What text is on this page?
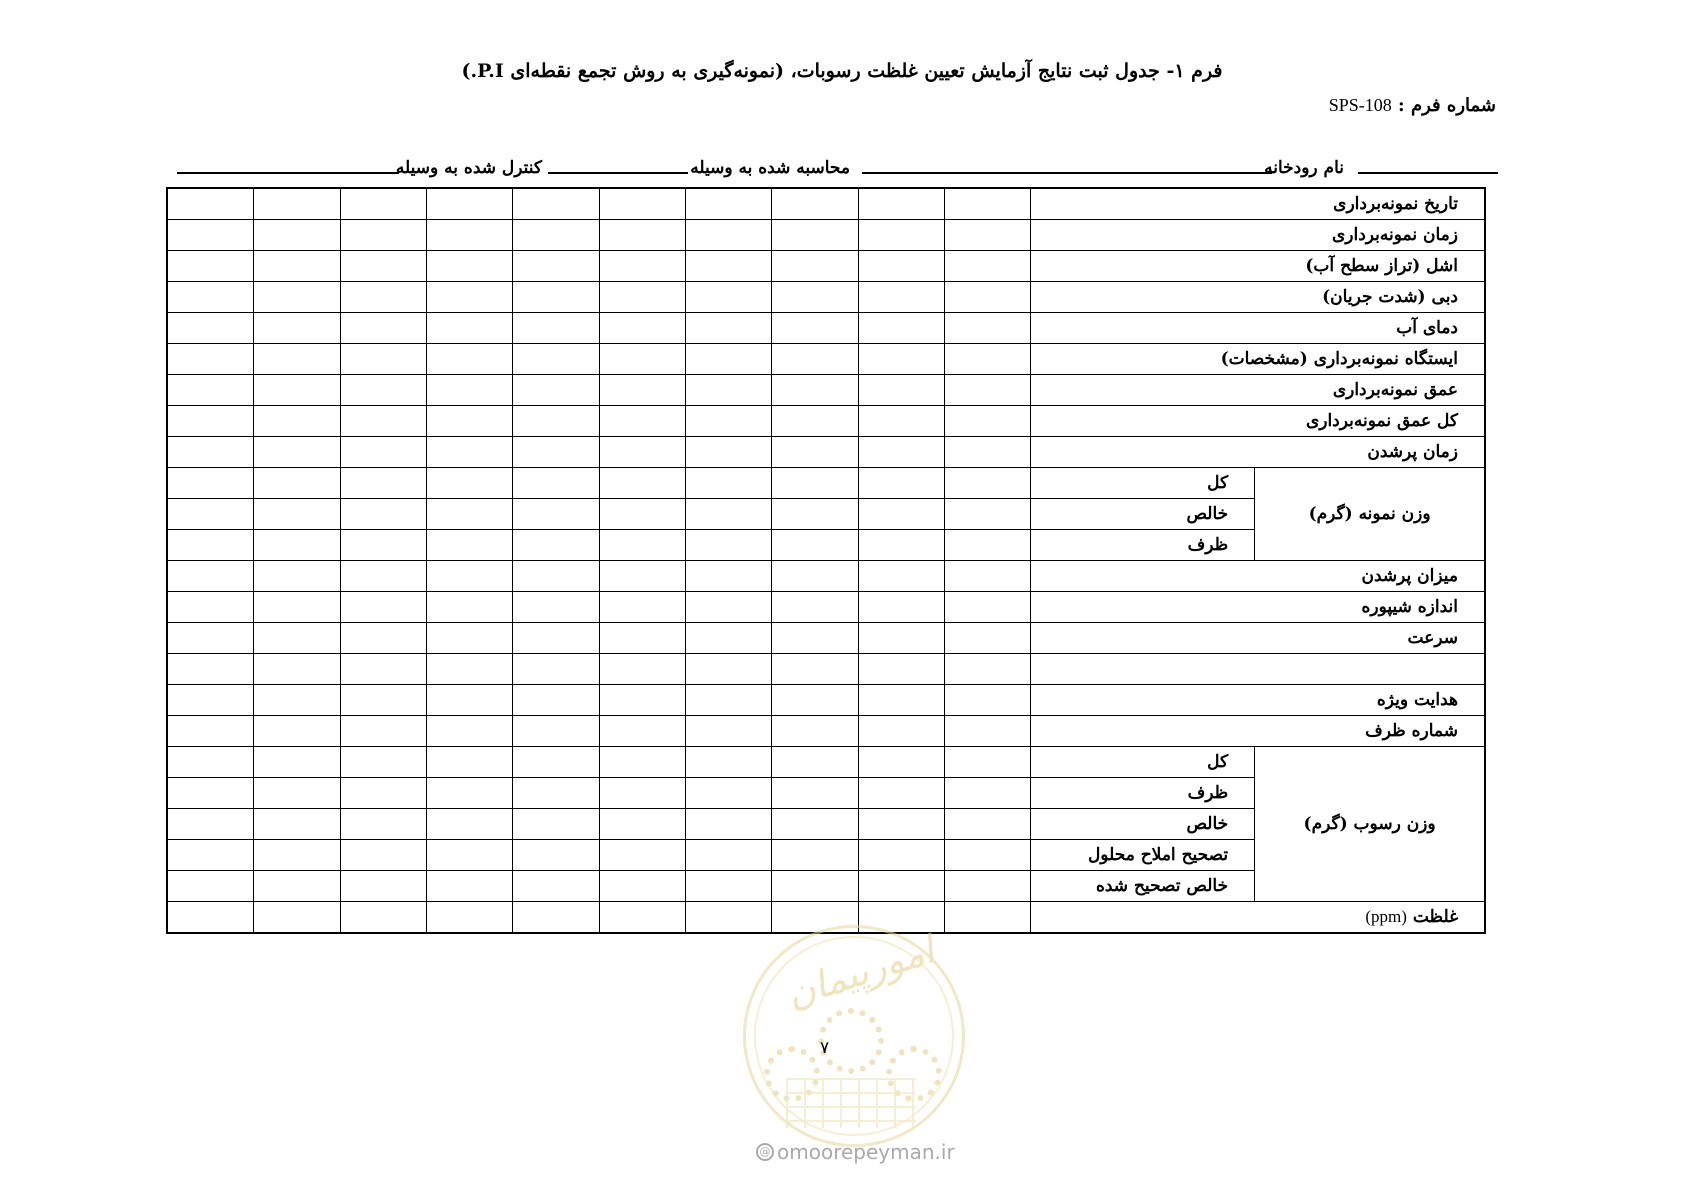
فرم ۱- جدول ثبت نتایج آزمایش تعیین غلظت رسوبات، (نمونه‌گیری به روش تجمع نقطه‌ای P.I.)
شماره فرم : SPS-108
نام رودخانه
محاسبه شده به وسیله
کنترل شده به وسیله
تاریخ نمونه‌برداری											
زمان نمونه‌برداری											
اشل (تراز سطح آب)											
دبی (شدت جریان)											
دمای آب											
ایستگاه نمونه‌برداری (مشخصات)											
عمق نمونه‌برداری											
کل عمق نمونه‌برداری											
زمان پرشدن											
وزن نمونه (گرم)	کل										
	خالص										
	ظرف										
میزان پرشدن											
اندازه شیپوره											
سرعت											

هدایت ویژه											
شماره ظرف											
وزن رسوب (گرم)	کل										
	ظرف										
	خالص										
	تصحیح املاح محلول										
	خالص تصحیح شده										
غلظت (ppm)											
امورپیمان
۷
@ omoorepeyman.ir
